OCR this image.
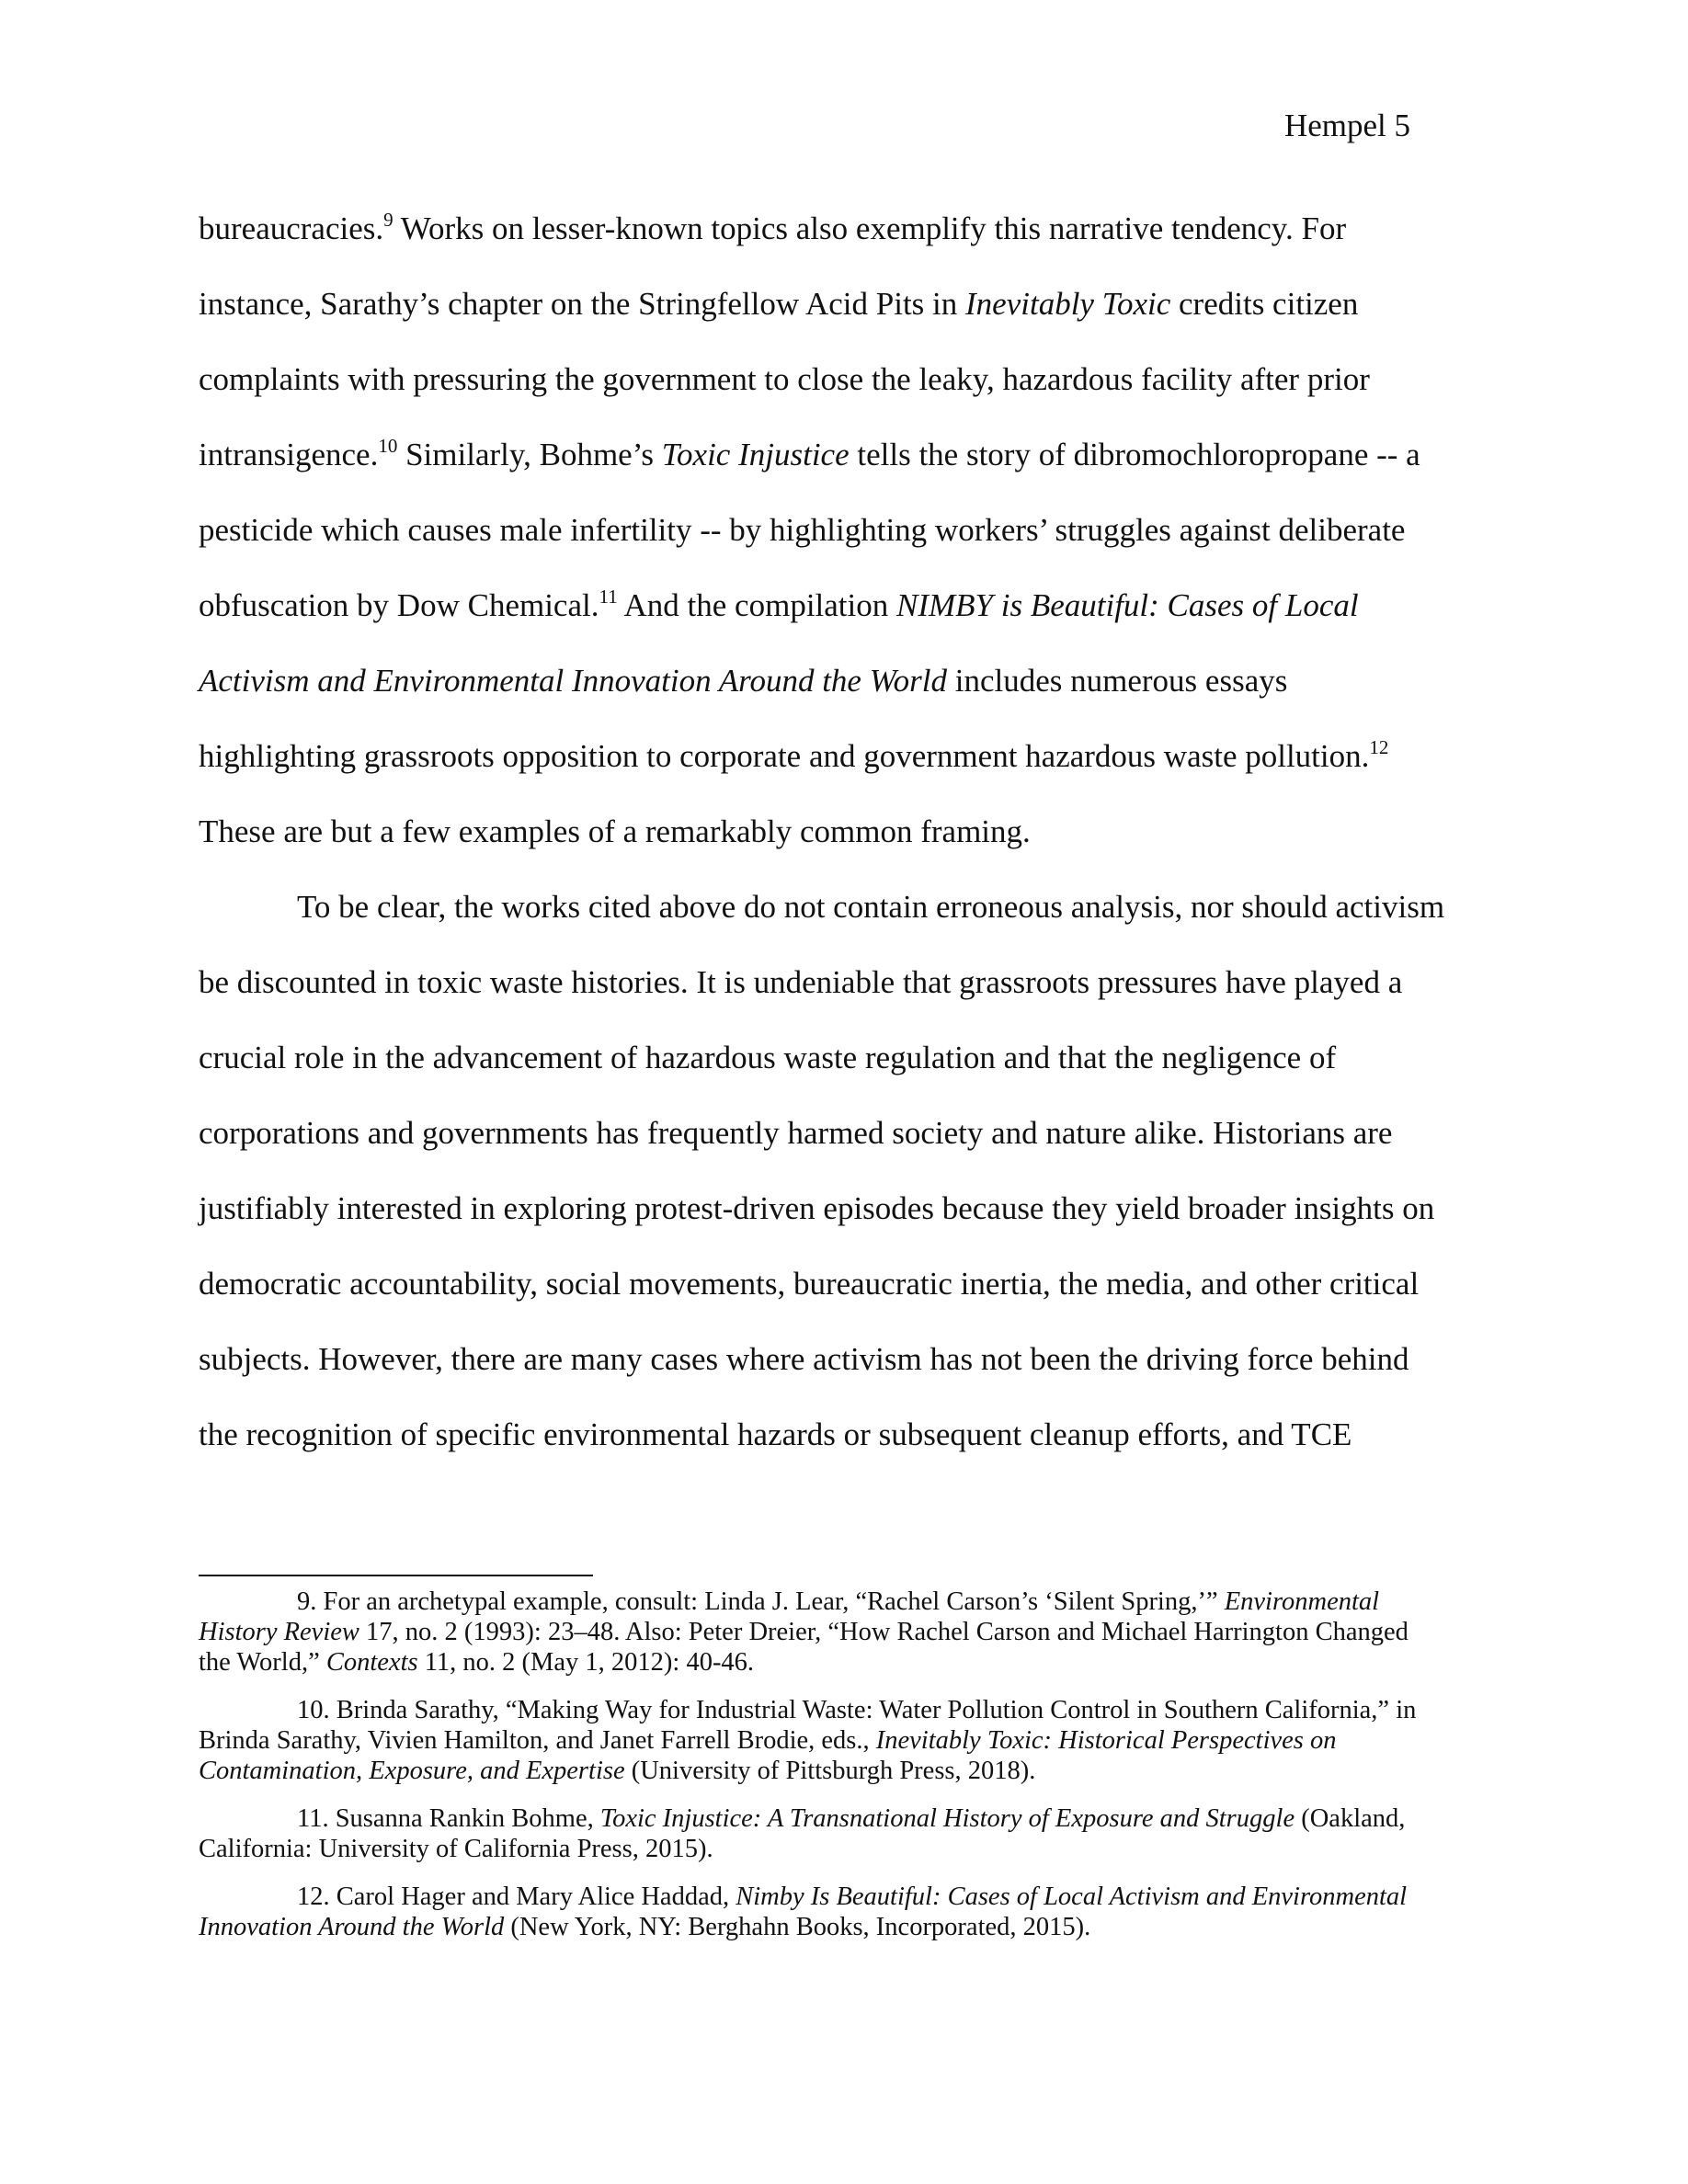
Hempel 5
bureaucracies.$^9$ Works on lesser-known topics also exemplify this narrative tendency. For
instance, Sarathy’s chapter on the Stringfellow Acid Pits in Inevitably Toxic credits citizen
complaints with pressuring the government to close the leaky, hazardous facility after prior
intransigence.$^{10}$ Similarly, Bohme’s Toxic Injustice tells the story of dibromochloropropane -- a
pesticide which causes male infertility -- by highlighting workers’ struggles against deliberate
obfuscation by Dow Chemical.$^{11}$ And the compilation NIMBY is Beautiful: Cases of Local
Activism and Environmental Innovation Around the World includes numerous essays
highlighting grassroots opposition to corporate and government hazardous waste pollution.$^{12}$
These are but a few examples of a remarkably common framing.
To be clear, the works cited above do not contain erroneous analysis, nor should activism
be discounted in toxic waste histories. It is undeniable that grassroots pressures have played a
crucial role in the advancement of hazardous waste regulation and that the negligence of
corporations and governments has frequently harmed society and nature alike. Historians are
justifiably interested in exploring protest-driven episodes because they yield broader insights on
democratic accountability, social movements, bureaucratic inertia, the media, and other critical
subjects. However, there are many cases where activism has not been the driving force behind
the recognition of specific environmental hazards or subsequent cleanup efforts, and TCE
9. For an archetypal example, consult: Linda J. Lear, “Rachel Carson’s ‘Silent Spring,’” Environmental
History Review 17, no. 2 (1993): 23–48. Also: Peter Dreier, “How Rachel Carson and Michael Harrington Changed
the World,” Contexts 11, no. 2 (May 1, 2012): 40-46.
10. Brinda Sarathy, “Making Way for Industrial Waste: Water Pollution Control in Southern California,” in
Brinda Sarathy, Vivien Hamilton, and Janet Farrell Brodie, eds., Inevitably Toxic: Historical Perspectives on
Contamination, Exposure, and Expertise (University of Pittsburgh Press, 2018).
11. Susanna Rankin Bohme, Toxic Injustice: A Transnational History of Exposure and Struggle (Oakland,
California: University of California Press, 2015).
12. Carol Hager and Mary Alice Haddad, Nimby Is Beautiful: Cases of Local Activism and Environmental
Innovation Around the World (New York, NY: Berghahn Books, Incorporated, 2015).
